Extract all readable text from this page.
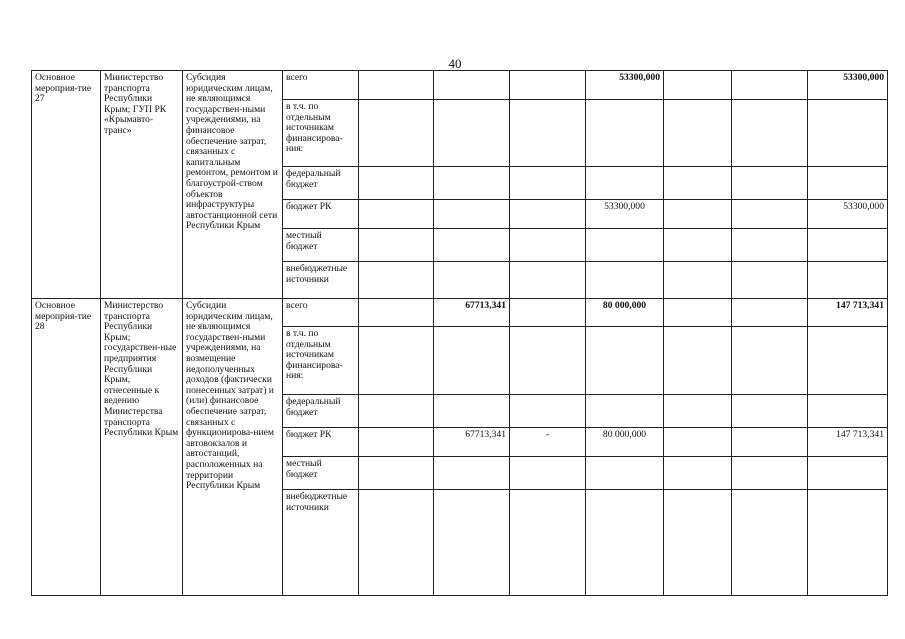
40
Основное мероприя-тие 27	Министерство транспорта Республики Крым; ГУП РК «Крымавто-транс»	Субсидия юридическим лицам, не являющимся государствен-ными учреждениями, на финансовое обеспечение затрат, связанных с капитальным ремонтом, ремонтом и благоустрой-ством объектов инфраструктуры автостанционной сети Республики Крым	всего				53300,000			53300,000
			в т.ч. по отдельным источникам финансирова-ния:							
			федеральный бюджет							
			бюджет РК				53300,000			53300,000
			местный бюджет							
			внебюджетные источники							
Основное мероприя-тие 28	Министерство транспорта Республики Крым; государствен-ные предприятия Республики Крым, отнесенные к ведению Министерства транспорта Республики Крым	Субсидии юридическим лицам, не являющимся государствен-ными учреждениями, на возмещение недополученных доходов (фактически понесенных затрат) и (или) финансовое обеспечение затрат, связанных с функционирова-нием автовокзалов и автостанций, расположенных на территории Республики Крым	всего		67713,341		80 000,000			147 713,341
			в т.ч. по отдельным источникам финансирова-ния:							
			федеральный бюджет							
			бюджет РК		67713,341	-	80 000,000			147 713,341
			местный бюджет							
			внебюджетные источники							
